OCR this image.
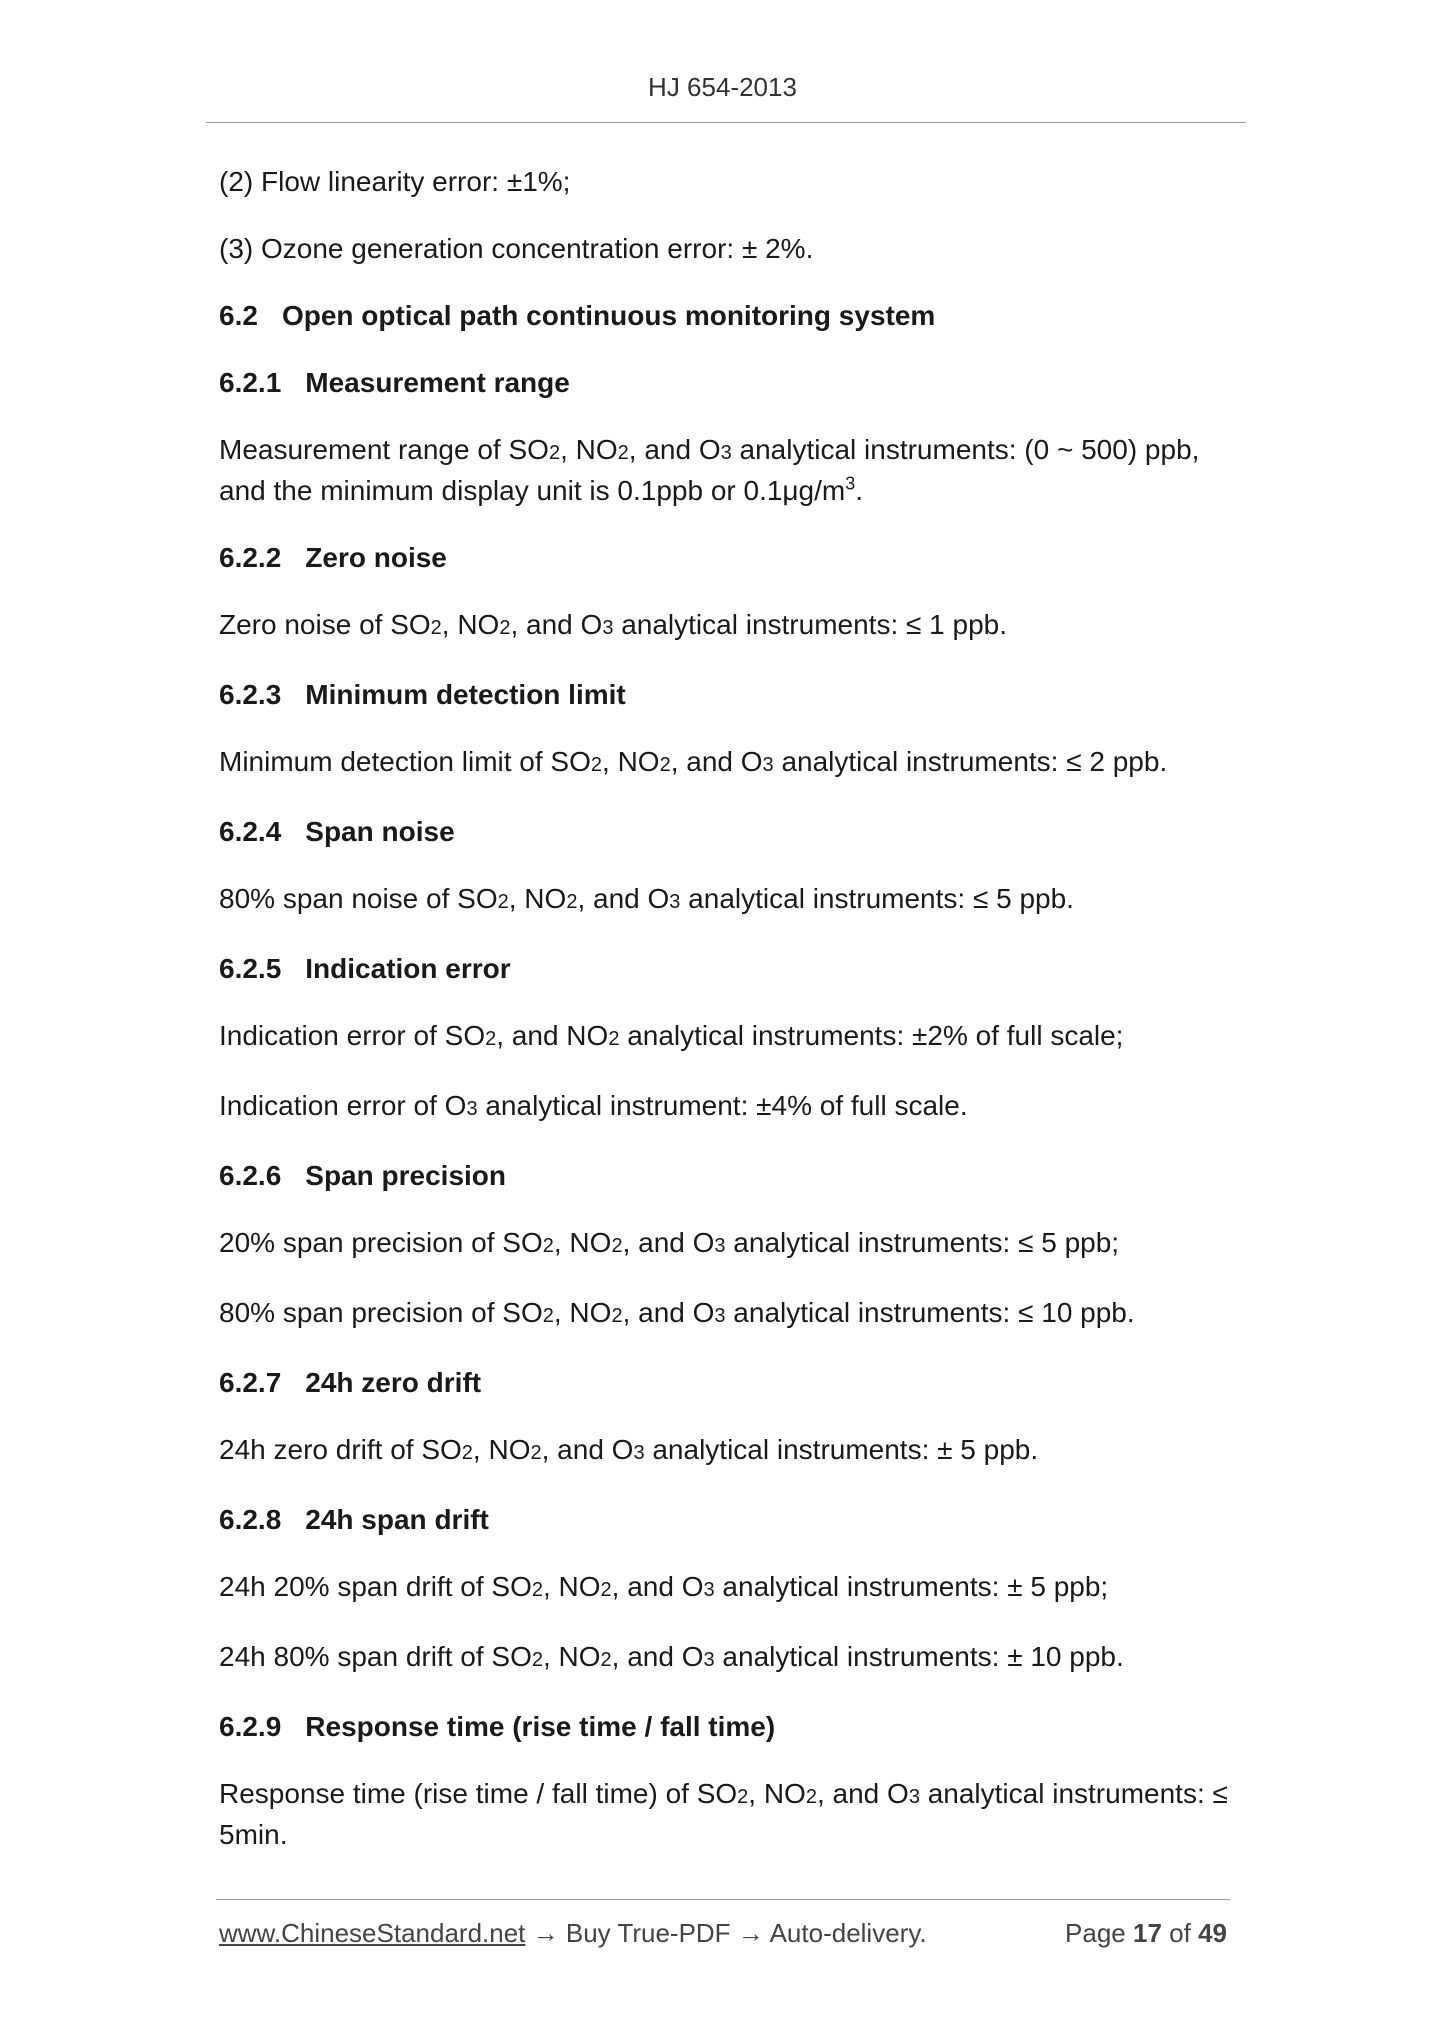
HJ 654-2013

(2) Flow linearity error: ±1%;

(3) Ozone generation concentration error: ± 2%.

6.2 Open optical path continuous monitoring system

6.2.1 Measurement range

Measurement range of SO2, NO2, and O3 analytical instruments: (0 ~ 500) ppb, and the minimum display unit is 0.1ppb or $0.1\mu g/m^3$.

6.2.2 Zero noise

Zero noise of SO2, NO2, and O3 analytical instruments: ≤ 1 ppb.

6.2.3 Minimum detection limit

Minimum detection limit of SO2, NO2, and O3 analytical instruments: ≤ 2 ppb.

6.2.4 Span noise

80% span noise of SO2, NO2, and O3 analytical instruments: ≤ 5 ppb.

6.2.5 Indication error

Indication error of SO2, and NO2 analytical instruments: ±2% of full scale;

Indication error of O3 analytical instrument: ±4% of full scale.

6.2.6 Span precision

20% span precision of SO2, NO2, and O3 analytical instruments: ≤ 5 ppb;

80% span precision of SO2, NO2, and O3 analytical instruments: ≤ 10 ppb.

6.2.7 24h zero drift

24h zero drift of SO2, NO2, and O3 analytical instruments: ± 5 ppb.

6.2.8 24h span drift

24h 20% span drift of SO2, NO2, and O3 analytical instruments: ± 5 ppb;

24h 80% span drift of SO2, NO2, and O3 analytical instruments: ± 10 ppb.

6.2.9 Response time (rise time / fall time)

Response time (rise time / fall time) of SO2, NO2, and O3 analytical instruments: ≤ 5min.

www.ChineseStandard.net → Buy True-PDF → Auto-delivery.	Page 17 of 49
